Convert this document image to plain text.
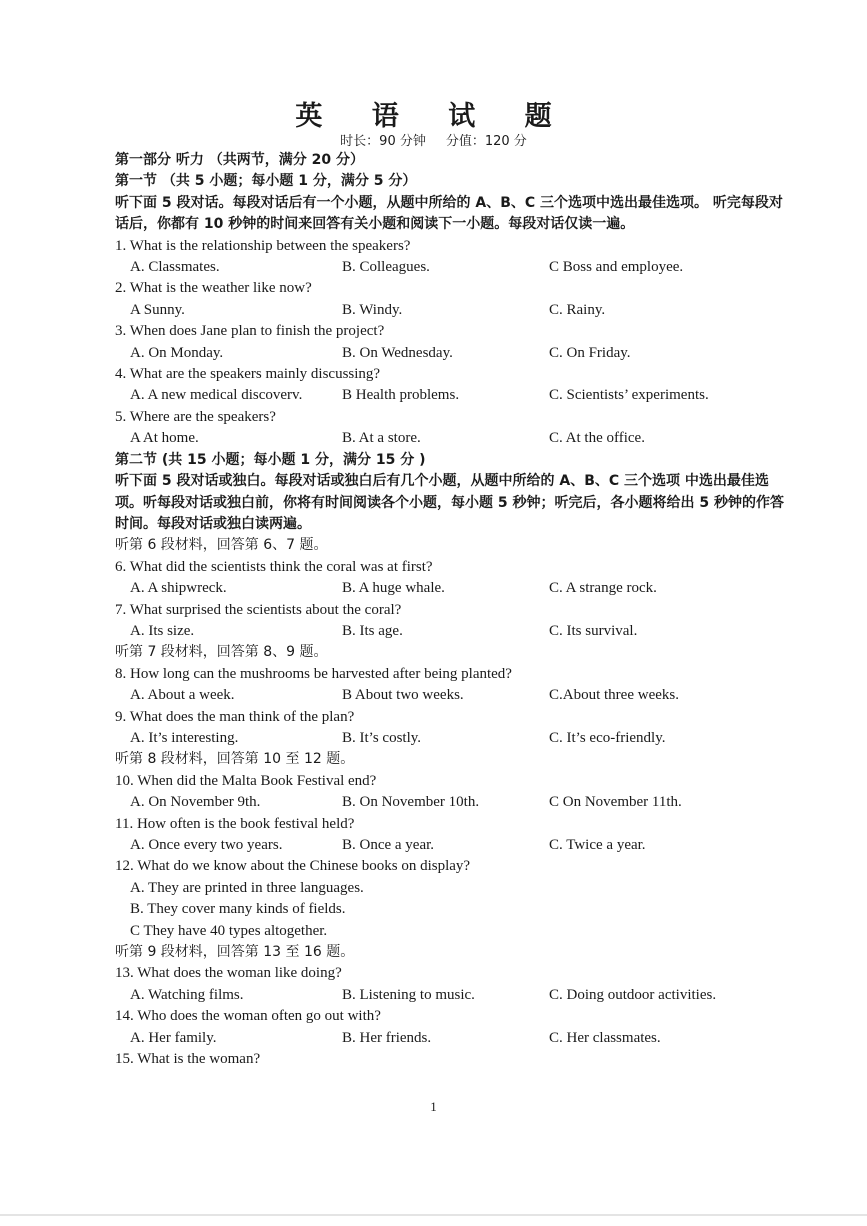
英 语 试 题
时长：90 分钟 分值：120 分
第一部分 听力 （共两节，满分 20 分）
第一节 （共 5 小题；每小题 1 分，满分 5 分）
听下面 5 段对话。每段对话后有一个小题，从题中所给的 A、B、C 三个选项中选出最佳选项。 听完每段对话后，你都有 10 秒钟的时间来回答有关小题和阅读下一小题。每段对话仅读一遍。
1. What is the relationship between the speakers?
A. Classmates.	B. Colleagues.	C Boss and employee.
2. What is the weather like now?
A Sunny.	B. Windy.	C. Rainy.
3. When does Jane plan to finish the project?
A. On Monday.	B. On Wednesday.	C. On Friday.
4. What are the speakers mainly discussing?
A. A new medical discoverv.	B Health problems.	C. Scientists’ experiments.
5. Where are the speakers?
A At home.	B. At a store.	C. At the office.
第二节 (共 15 小题；每小题 1 分，满分 15 分 )
听下面 5 段对话或独白。每段对话或独白后有几个小题，从题中所给的 A、B、C 三个选项 中选出最佳选项。听每段对话或独白前，你将有时间阅读各个小题，每小题 5 秒钟；听完后，各小题将给出 5 秒钟的作答时间。每段对话或独白读两遍。
听第 6 段材料，回答第 6、7 题。
6. What did the scientists think the coral was at first?
A. A shipwreck.	B. A huge whale.	C. A strange rock.
7. What surprised the scientists about the coral?
A. Its size.	B. Its age.	C. Its survival.
听第 7 段材料，回答第 8、9 题。
8. How long can the mushrooms be harvested after being planted?
A. About a week.	B About two weeks.	C.About three weeks.
9. What does the man think of the plan?
A. It’s interesting.	B. It’s costly.	C. It’s eco-friendly.
听第 8 段材料，回答第 10 至 12 题。
10. When did the Malta Book Festival end?
A. On November 9th.	B. On November 10th.	C On November 11th.
11. How often is the book festival held?
A. Once every two years.	B. Once a year.	C. Twice a year.
12. What do we know about the Chinese books on display?
A. They are printed in three languages.
B. They cover many kinds of fields.
C They have 40 types altogether.
听第 9 段材料，回答第 13 至 16 题。
13. What does the woman like doing?
A. Watching films.	B. Listening to music.	C. Doing outdoor activities.
14. Who does the woman often go out with?
A. Her family.	B. Her friends.	C. Her classmates.
15. What is the woman?
1
